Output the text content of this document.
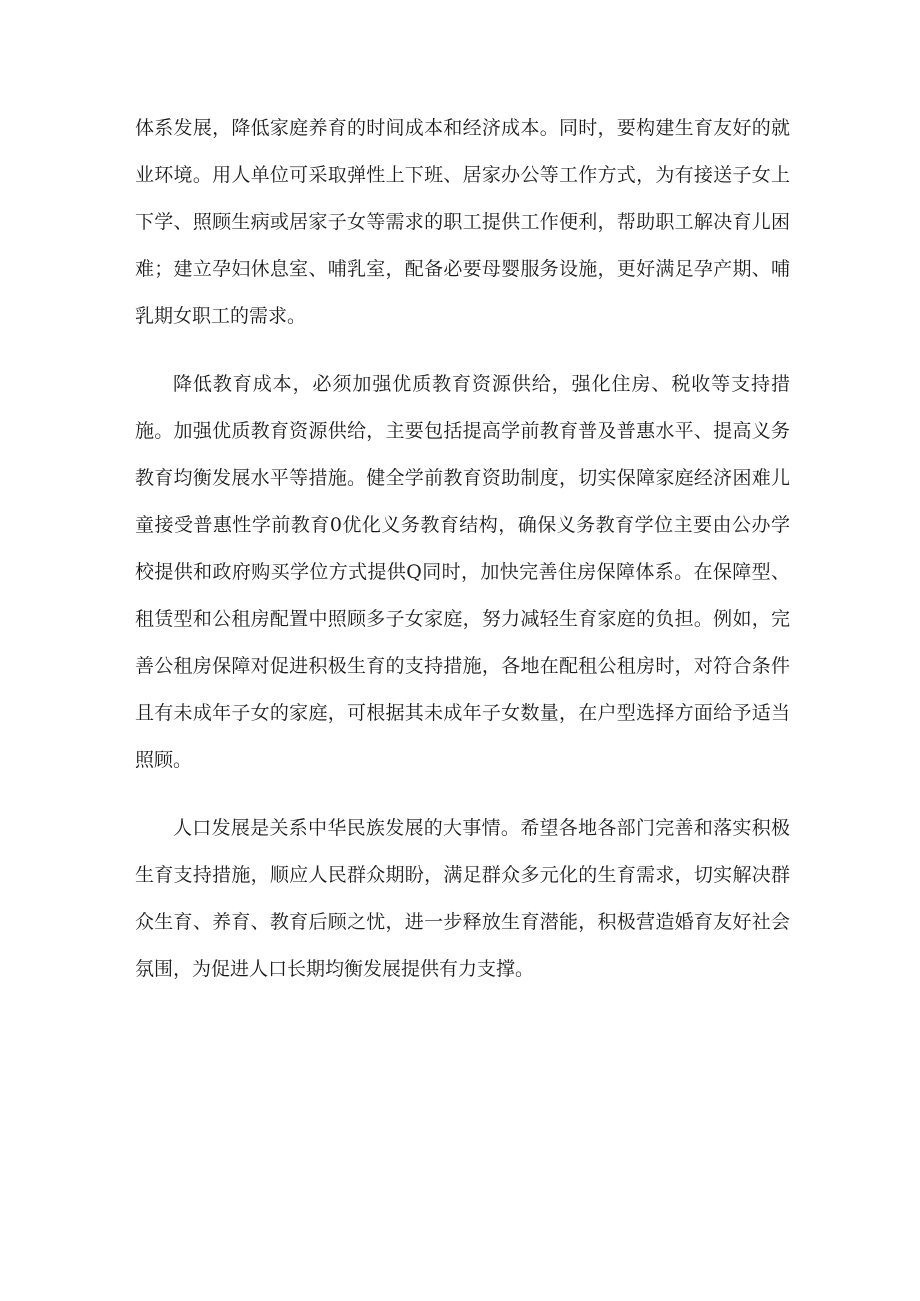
体系发展，降低家庭养育的时间成本和经济成本。同时，要构建生育友好的就业环境。用人单位可采取弹性上下班、居家办公等工作方式，为有接送子女上下学、照顾生病或居家子女等需求的职工提供工作便利，帮助职工解决育儿困难；建立孕妇休息室、哺乳室，配备必要母婴服务设施，更好满足孕产期、哺乳期女职工的需求。

降低教育成本，必须加强优质教育资源供给，强化住房、税收等支持措施。加强优质教育资源供给，主要包括提高学前教育普及普惠水平、提高义务教育均衡发展水平等措施。健全学前教育资助制度，切实保障家庭经济困难儿童接受普惠性学前教育0优化义务教育结构，确保义务教育学位主要由公办学校提供和政府购买学位方式提供Q同时，加快完善住房保障体系。在保障型、租赁型和公租房配置中照顾多子女家庭，努力减轻生育家庭的负担。例如，完善公租房保障对促进积极生育的支持措施，各地在配租公租房时，对符合条件且有未成年子女的家庭，可根据其未成年子女数量，在户型选择方面给予适当照顾。

人口发展是关系中华民族发展的大事情。希望各地各部门完善和落实积极生育支持措施，顺应人民群众期盼，满足群众多元化的生育需求，切实解决群众生育、养育、教育后顾之忧，进一步释放生育潜能，积极营造婚育友好社会氛围，为促进人口长期均衡发展提供有力支撑。
